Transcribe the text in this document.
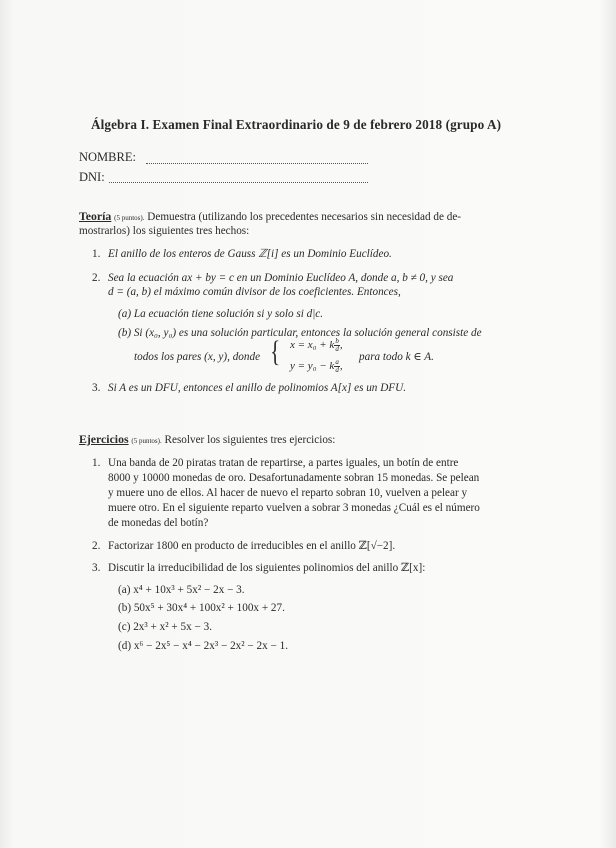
Álgebra I. Examen Final Extraordinario de 9 de febrero 2018 (grupo A)
NOMBRE:
DNI:
Teoría (5 puntos). Demuestra (utilizando los precedentes necesarios sin necesidad de de-
mostrarlos) los siguientes tres hechos:
1. El anillo de los enteros de Gauss ℤ[i] es un Dominio Euclídeo.
2. Sea la ecuación ax + by = c en un Dominio Euclídeo A, donde a, b ≠ 0, y sea
d = (a, b) el máximo común divisor de los coeficientes. Entonces,
(a) La ecuación tiene solución si y solo si d|c.
(b) Si (x₀, y₀) es una solución particular, entonces la solución general consiste de
todos los pares (x, y), donde { x = x₀ + k $\frac{b}{d}$ ,
y = y₀ − k $\frac{a}{d}$ ,
para todo k ∈ A.
3. Si A es un DFU, entonces el anillo de polinomios A[x] es un DFU.
Ejercicios (5 puntos). Resolver los siguientes tres ejercicios:
1. Una banda de 20 piratas tratan de repartirse, a partes iguales, un botín de entre
8000 y 10000 monedas de oro. Desafortunadamente sobran 15 monedas. Se pelean
y muere uno de ellos. Al hacer de nuevo el reparto sobran 10, vuelven a pelear y
muere otro. En el siguiente reparto vuelven a sobrar 3 monedas ¿Cuál es el número
de monedas del botín?
2. Factorizar 1800 en producto de irreducibles en el anillo ℤ[√−2].
3. Discutir la irreducibilidad de los siguientes polinomios del anillo ℤ[x]:
(a) x⁴ + 10x³ + 5x² − 2x − 3.
(b) 50x⁵ + 30x⁴ + 100x² + 100x + 27.
(c) 2x³ + x² + 5x − 3.
(d) x⁶ − 2x⁵ − x⁴ − 2x³ − 2x² − 2x − 1.
